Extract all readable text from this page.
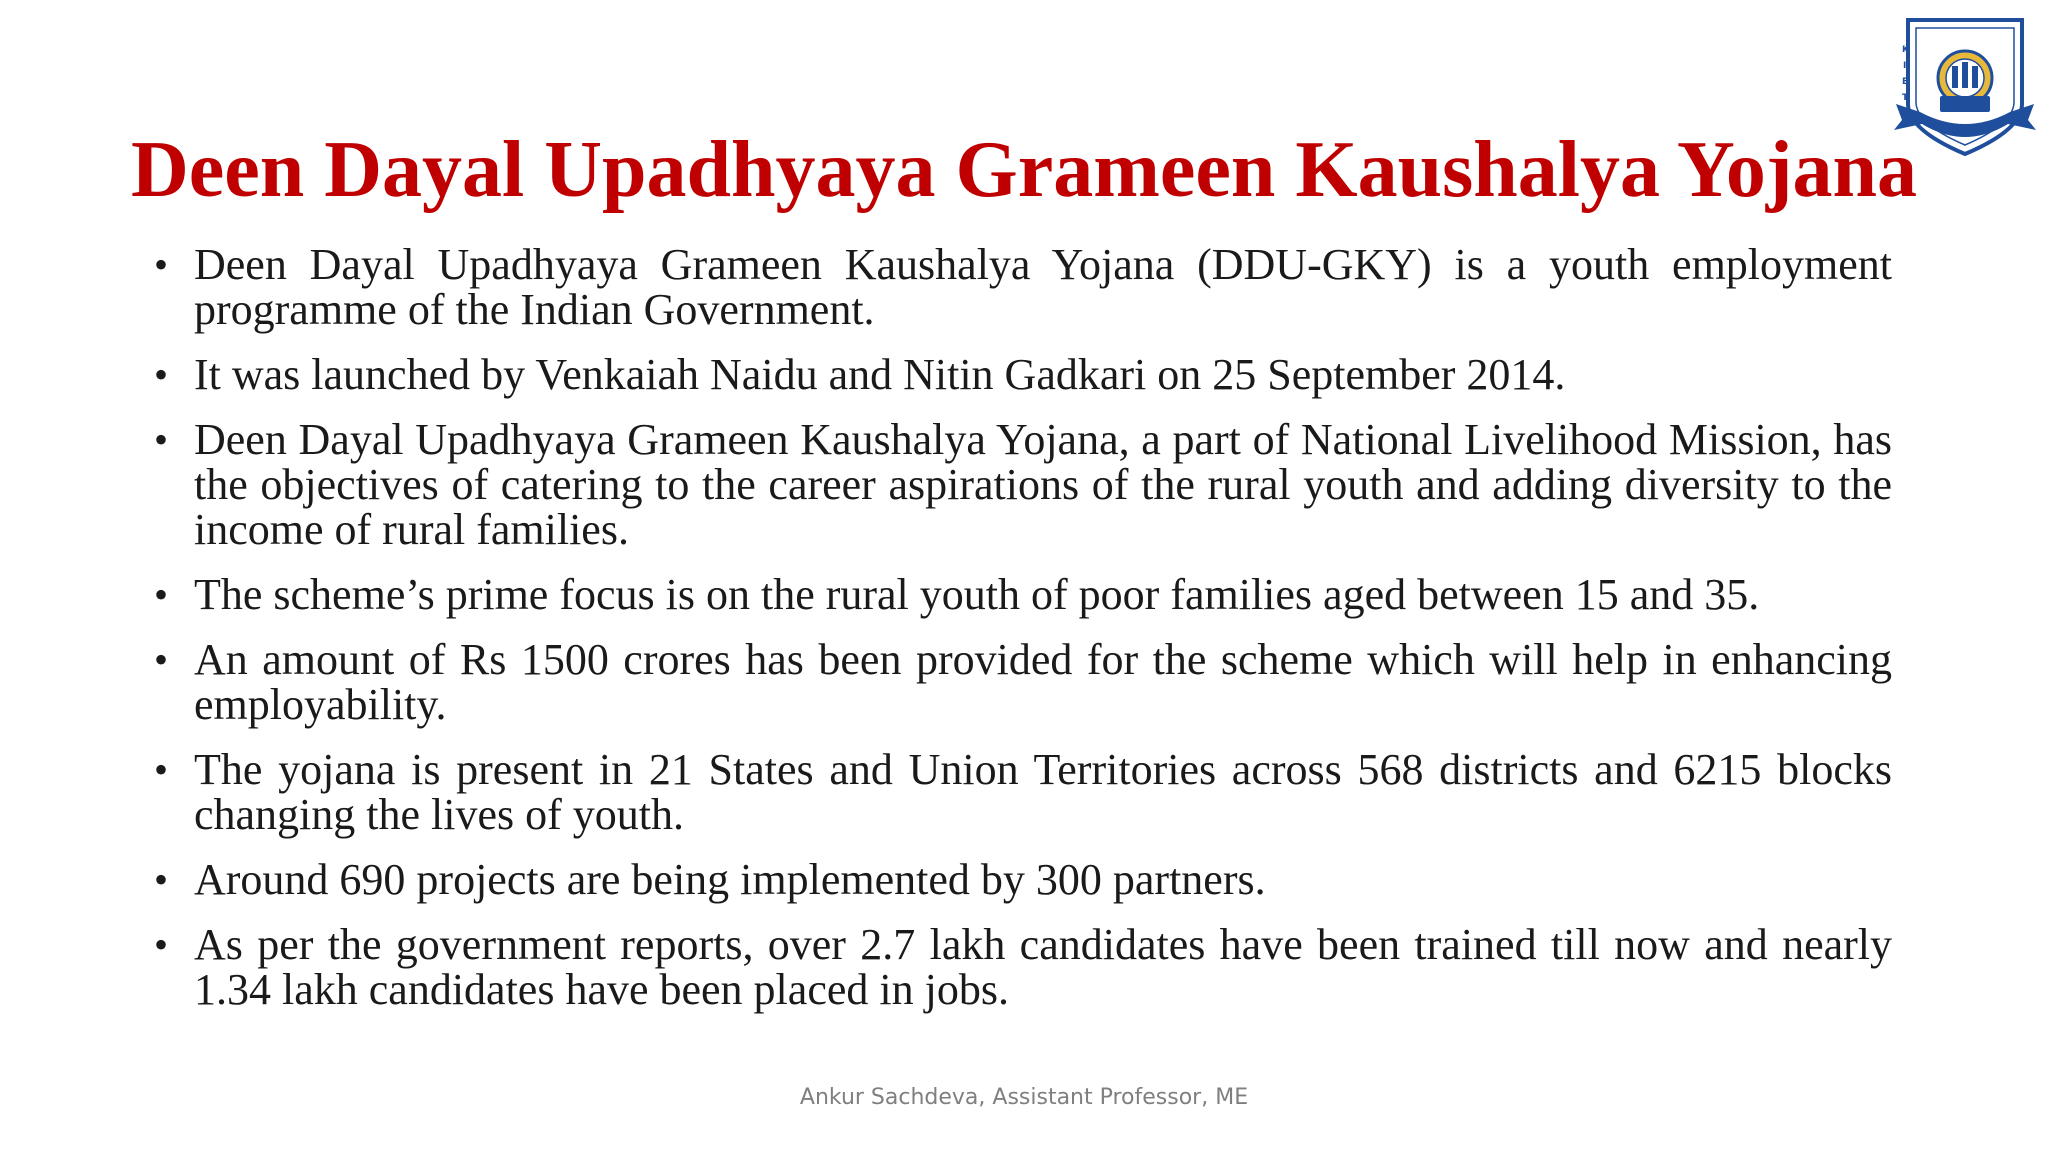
K
I
E
T
Deen Dayal Upadhyaya Grameen Kaushalya Yojana
• Deen Dayal Upadhyaya Grameen Kaushalya Yojana (DDU-GKY) is a youth employment programme of the Indian Government.
• It was launched by Venkaiah Naidu and Nitin Gadkari on 25 September 2014.
• Deen Dayal Upadhyaya Grameen Kaushalya Yojana, a part of National Livelihood Mission, has the objectives of catering to the career aspirations of the rural youth and adding diversity to the income of rural families.
• The scheme’s prime focus is on the rural youth of poor families aged between 15 and 35.
• An amount of Rs 1500 crores has been provided for the scheme which will help in enhancing employability.
• The yojana is present in 21 States and Union Territories across 568 districts and 6215 blocks changing the lives of youth.
• Around 690 projects are being implemented by 300 partners.
• As per the government reports, over 2.7 lakh candidates have been trained till now and nearly 1.34 lakh candidates have been placed in jobs.
Ankur Sachdeva, Assistant Professor, ME
